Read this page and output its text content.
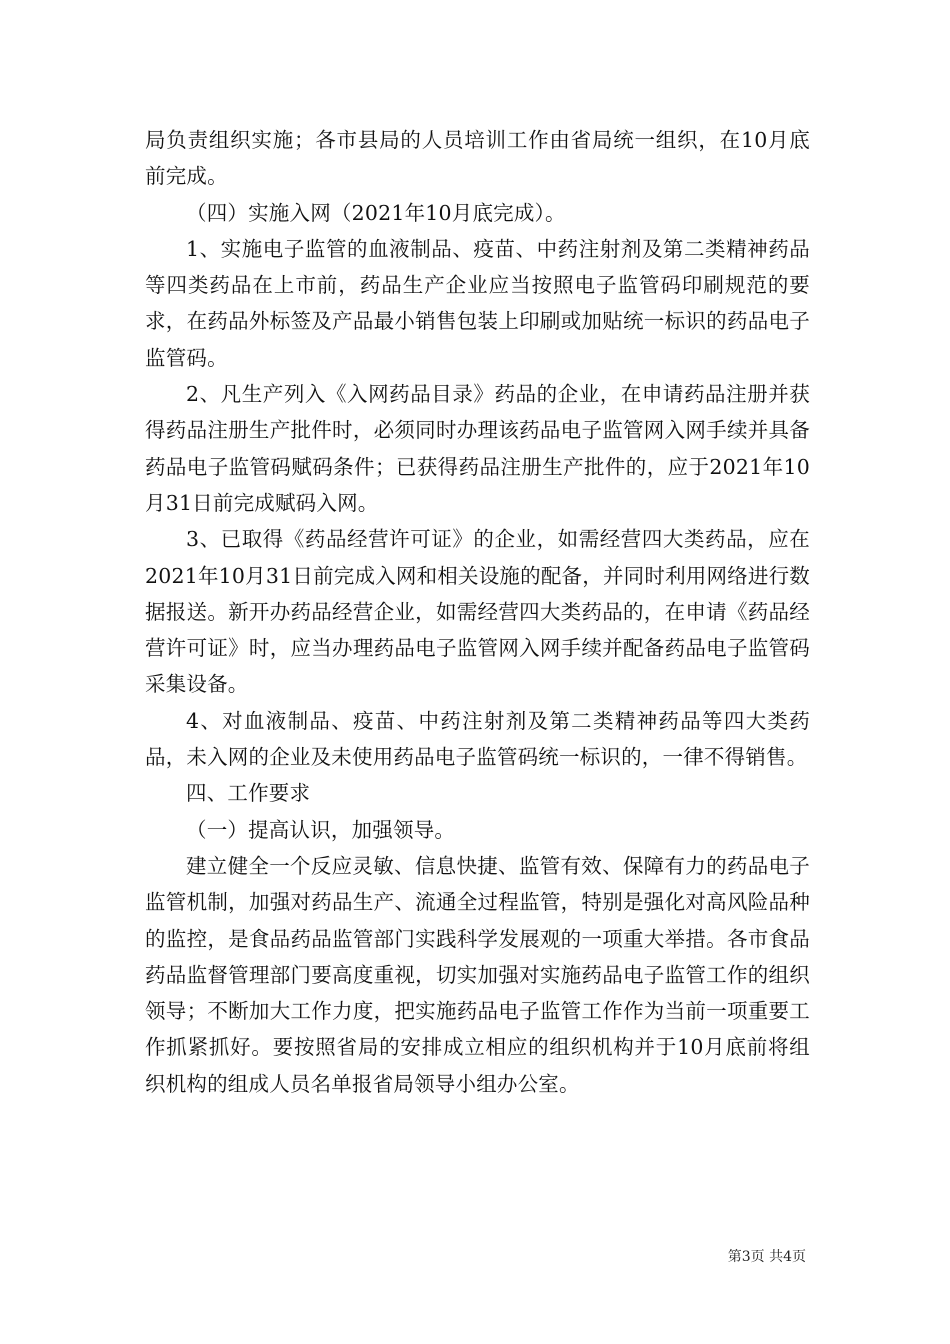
局负责组织实施；各市县局的人员培训工作由省局统一组织，在10月底前完成。

（四）实施入网（2021年10月底完成）。

1、实施电子监管的血液制品、疫苗、中药注射剂及第二类精神药品等四类药品在上市前，药品生产企业应当按照电子监管码印刷规范的要求，在药品外标签及产品最小销售包装上印刷或加贴统一标识的药品电子监管码。

2、凡生产列入《入网药品目录》药品的企业，在申请药品注册并获得药品注册生产批件时，必须同时办理该药品电子监管网入网手续并具备药品电子监管码赋码条件；已获得药品注册生产批件的，应于2021年10月31日前完成赋码入网。

3、已取得《药品经营许可证》的企业，如需经营四大类药品，应在2021年10月31日前完成入网和相关设施的配备，并同时利用网络进行数据报送。新开办药品经营企业，如需经营四大类药品的，在申请《药品经营许可证》时，应当办理药品电子监管网入网手续并配备药品电子监管码采集设备。

4、对血液制品、疫苗、中药注射剂及第二类精神药品等四大类药品，未入网的企业及未使用药品电子监管码统一标识的，一律不得销售。

四、工作要求

（一）提高认识，加强领导。

建立健全一个反应灵敏、信息快捷、监管有效、保障有力的药品电子监管机制，加强对药品生产、流通全过程监管，特别是强化对高风险品种的监控，是食品药品监管部门实践科学发展观的一项重大举措。各市食品药品监督管理部门要高度重视，切实加强对实施药品电子监管工作的组织领导；不断加大工作力度，把实施药品电子监管工作作为当前一项重要工作抓紧抓好。要按照省局的安排成立相应的组织机构并于10月底前将组织机构的组成人员名单报省局领导小组办公室。

第3页 共4页
